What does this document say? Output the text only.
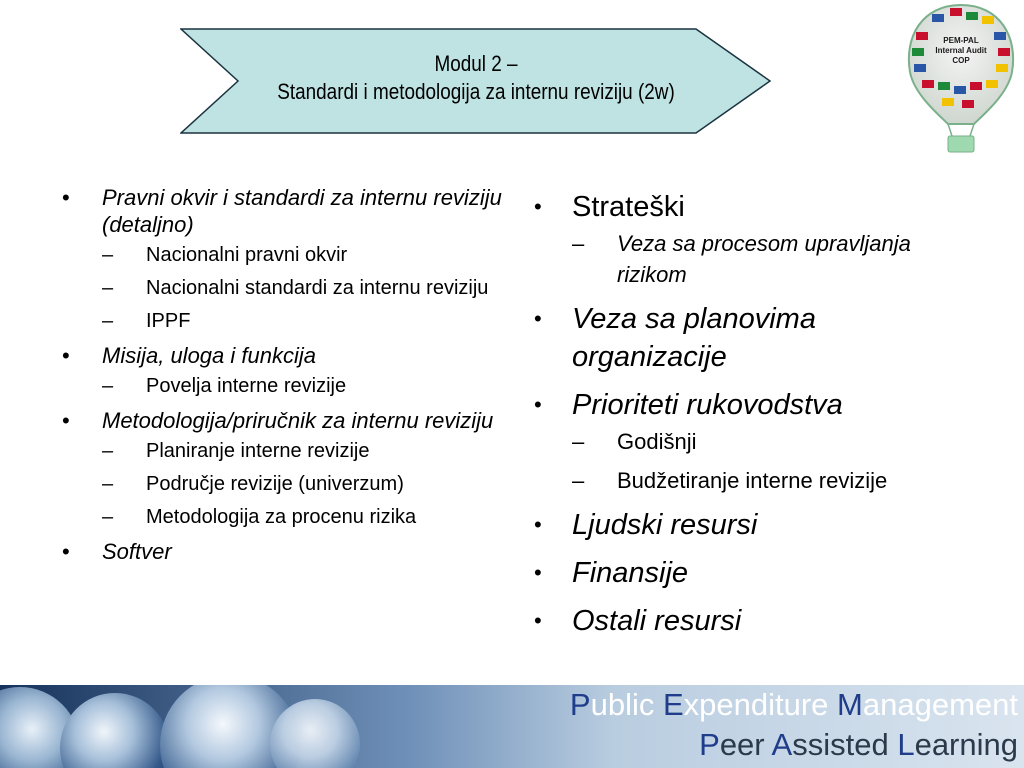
Modul 2 –
Standardi i metodologija za internu reviziju (2w)
PEM-PAL
Internal Audit
COP
• Pravni okvir i standardi za internu reviziju (detaljno)
– Nacionalni pravni okvir
– Nacionalni standardi za internu reviziju
– IPPF
• Misija, uloga i funkcija
– Povelja interne revizije
• Metodologija/priručnik za internu reviziju
– Planiranje interne revizije
– Područje revizije (univerzum)
– Metodologija za procenu rizika
• Softver
• Strateški
– Veza sa procesom upravljanja rizikom
• Veza sa planovima organizacije
• Prioriteti rukovodstva
– Godišnji
– Budžetiranje interne revizije
• Ljudski resursi
• Finansije
• Ostali resursi
Public Expenditure Management
Peer Assisted Learning
